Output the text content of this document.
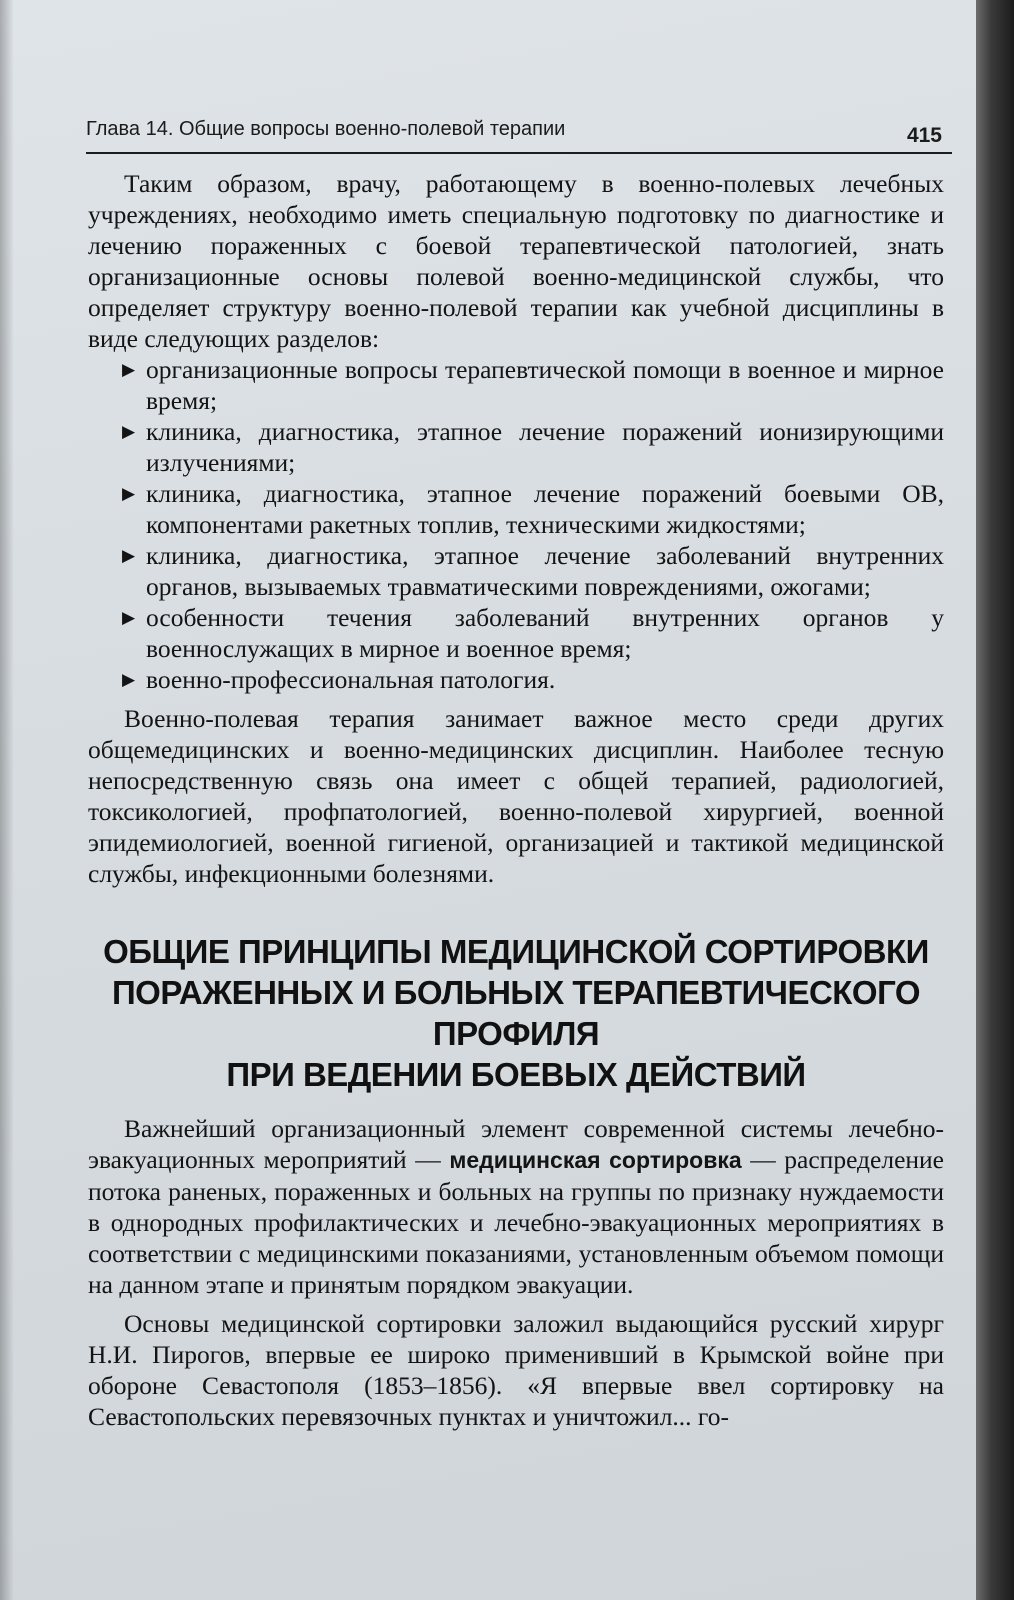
Глава 14. Общие вопросы военно-полевой терапии	415

Таким образом, врачу, работающему в военно-полевых лечебных учреждениях, необходимо иметь специальную подготовку по диагностике и лечению пораженных с боевой терапевтической патологией, знать организационные основы полевой военно-медицинской службы, что определяет структуру военно-полевой терапии как учебной дисциплины в виде следующих разделов:

▶ организационные вопросы терапевтической помощи в военное и мирное время;
▶ клиника, диагностика, этапное лечение поражений ионизирующими излучениями;
▶ клиника, диагностика, этапное лечение поражений боевыми ОВ, компонентами ракетных топлив, техническими жидкостями;
▶ клиника, диагностика, этапное лечение заболеваний внутренних органов, вызываемых травматическими повреждениями, ожогами;
▶ особенности течения заболеваний внутренних органов у военнослужащих в мирное и военное время;
▶ военно-профессиональная патология.

Военно-полевая терапия занимает важное место среди других общемедицинских и военно-медицинских дисциплин. Наиболее тесную непосредственную связь она имеет с общей терапией, радиологией, токсикологией, профпатологией, военно-полевой хирургией, военной эпидемиологией, военной гигиеной, организацией и тактикой медицинской службы, инфекционными болезнями.

ОБЩИЕ ПРИНЦИПЫ МЕДИЦИНСКОЙ СОРТИРОВКИ
ПОРАЖЕННЫХ И БОЛЬНЫХ ТЕРАПЕВТИЧЕСКОГО ПРОФИЛЯ
ПРИ ВЕДЕНИИ БОЕВЫХ ДЕЙСТВИЙ

Важнейший организационный элемент современной системы лечебно-эвакуационных мероприятий — медицинская сортировка — распределение потока раненых, пораженных и больных на группы по признаку нуждаемости в однородных профилактических и лечебно-эвакуационных мероприятиях в соответствии с медицинскими показаниями, установленным объемом помощи на данном этапе и принятым порядком эвакуации.

Основы медицинской сортировки заложил выдающийся русский хирург Н.И. Пирогов, впервые ее широко применивший в Крымской войне при обороне Севастополя (1853–1856). «Я впервые ввел сортировку на Севастопольских перевязочных пунктах и уничтожил... го-
